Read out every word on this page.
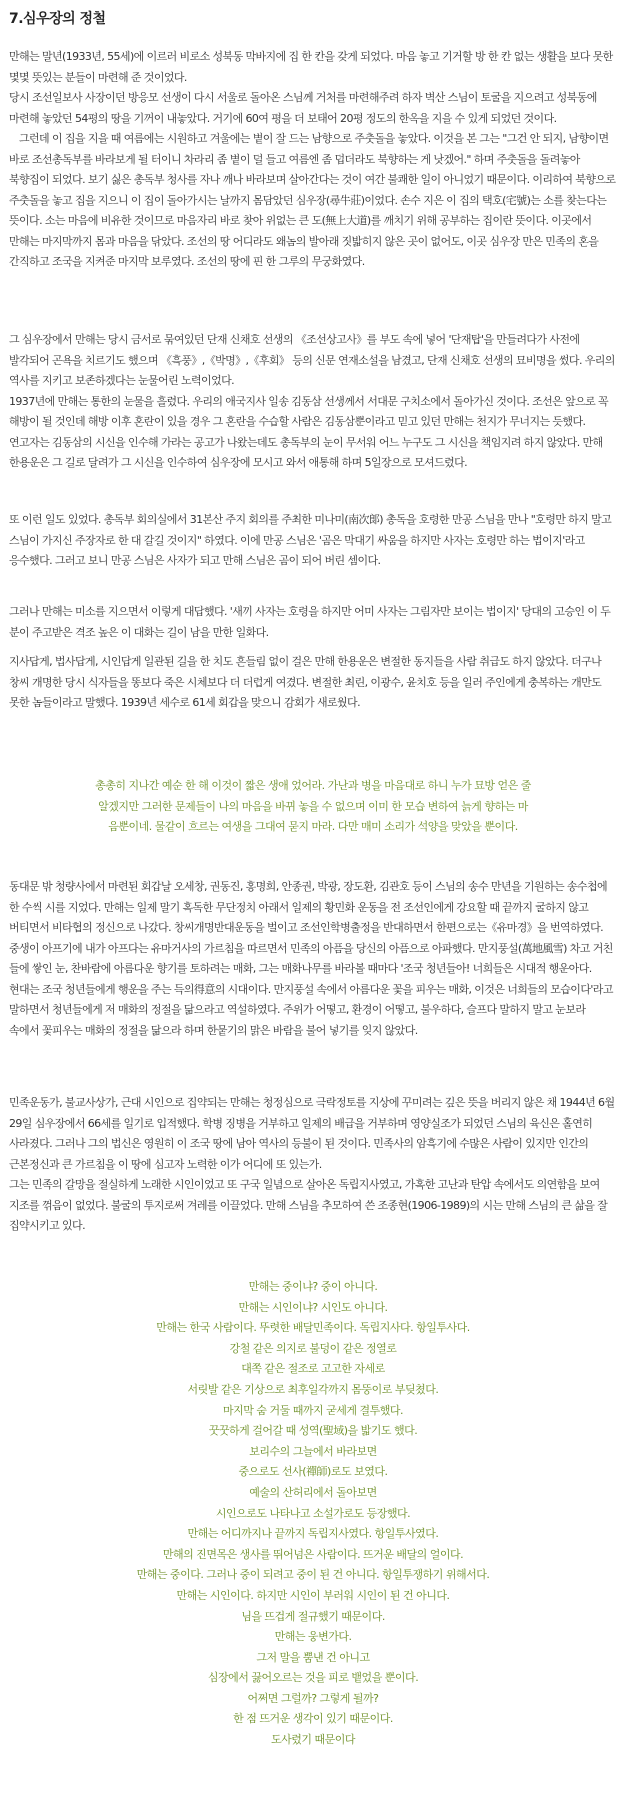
7.심우장의 정철

만해는 말년(1933년, 55세)에 이르러 비로소 성북동 막바지에 집 한 칸을 갖게 되었다. 마음 놓고 기거할 방 한 칸 없는 생활을 보다 못한 몇몇 뜻있는 분들이 마련해 준 것이었다.

당시 조선일보사 사장이던 방응모 선생이 다시 서울로 돌아온 스님께 거처를 마련해주려 하자 벽산 스님이 토굴을 지으려고 성북동에 마련해 놓았던 54평의 땅을 기꺼이 내놓았다. 거기에 60여 평을 더 보태어 20평 정도의 한옥을 지을 수 있게 되었던 것이다.

그런데 이 집을 지을 때 여름에는 시원하고 겨울에는 볕이 잘 드는 남향으로 주춧돌을 놓았다. 이것을 본 그는 "그건 안 되지, 남향이면 바로 조선총독부를 바라보게 될 터이니 차라리 좀 볕이 덜 들고 여름엔 좀 덥더라도 북향하는 게 낫겠어." 하며 주춧돌을 돌려놓아 북향집이 되었다. 보기 싫은 총독부 청사를 자나 깨나 바라보며 살아간다는 것이 여간 불쾌한 일이 아니었기 때문이다. 이리하여 북향으로 주춧돌을 놓고 집을 지으니 이 집이 돌아가시는 날까지 몸담았던 심우장(尋牛莊)이었다. 손수 지은 이 집의 택호(宅號)는 소를 찾는다는 뜻이다. 소는 마음에 비유한 것이므로 마음자리 바로 찾아 위없는 큰 도(無上大道)를 깨치기 위해 공부하는 집이란 뜻이다. 이곳에서 만해는 마지막까지 몸과 마음을 닦았다. 조선의 땅 어디라도 왜놈의 발아래 짓밟히지 않은 곳이 없어도, 이곳 심우장 만은 민족의 혼을 간직하고 조국을 지켜준 마지막 보루였다. 조선의 땅에 핀 한 그루의 무궁화였다.

그 심우장에서 만해는 당시 금서로 묶여있던 단재 신채호 선생의 《조선상고사》를 부도 속에 넣어 '단재탑'을 만들려다가 사전에 발각되어 곤욕을 치르기도 했으며 《흑풍》,《박명》,《후회》 등의 신문 연재소설을 남겼고, 단재 신채호 선생의 묘비명을 썼다. 우리의 역사를 지키고 보존하겠다는 눈물어린 노력이었다.

1937년에 만해는 통한의 눈물을 흘렸다. 우리의 애국지사 일송 김동삼 선생께서 서대문 구치소에서 돌아가신 것이다. 조선은 앞으로 꼭 해방이 될 것인데 해방 이후 혼란이 있을 경우 그 혼란을 수습할 사람은 김동삼뿐이라고 믿고 있던 만해는 천지가 무너지는 듯했다. 연고자는 김동삼의 시신을 인수해 가라는 공고가 나왔는데도 총독부의 눈이 무서워 어느 누구도 그 시신을 책임지려 하지 않았다. 만해 한용운은 그 길로 달려가 그 시신을 인수하여 심우장에 모시고 와서 애통해 하며 5일장으로 모셔드렸다.

또 이런 일도 있었다. 총독부 회의실에서 31본산 주지 회의를 주최한 미나미(南次郞) 총독을 호령한 만공 스님을 만나 "호령만 하지 말고 스님이 가지신 주장자로 한 대 갈길 것이지" 하였다. 이에 만공 스님은 '곰은 막대기 싸움을 하지만 사자는 호령만 하는 법이지'라고 응수했다. 그러고 보니 만공 스님은 사자가 되고 만해 스님은 곰이 되어 버린 셈이다.

그러나 만해는 미소를 지으면서 이렇게 대답했다. '새끼 사자는 호령을 하지만 어미 사자는 그림자만 보이는 법이지' 당대의 고승인 이 두 분이 주고받은 격조 높은 이 대화는 길이 남을 만한 일화다.

지사답게, 법사답게, 시인답게 일관된 길을 한 치도 흔들림 없이 걸은 만해 한용운은 변절한 동지들을 사람 취급도 하지 않았다. 더구나 창씨 개명한 당시 식자들을 똥보다 죽은 시체보다 더 더럽게 여겼다. 변절한 최린, 이광수, 윤치호 등을 일러 주인에게 충복하는 개만도 못한 놈들이라고 말했다. 1939년 세수로 61세 회갑을 맞으니 감회가 새로웠다.

총총히 지나간 예순 한 해 이것이 짧은 생애 었어라. 가난과 병을 마음대로 하니 누가 묘방 얻은 줄

알겠지만 그러한 문제들이 나의 마음을 바뀌 놓을 수 없으며 이미 한 모습 변하여 늙게 향하는 마

음뿐이네. 물같이 흐르는 여생을 그대여 묻지 마라. 다만 매미 소리가 석양을 맞았을 뿐이다.

동대문 밖 청량사에서 마련된 회갑날 오세창, 권동진, 홍명희, 안종권, 박광, 장도환, 김관호 등이 스님의 송수 만년을 기원하는 송수첩에 한 수씩 시를 지었다. 만해는 일제 말기 혹독한 무단정치 아래서 일제의 황민화 운동을 전 조선인에게 강요할 때 끝까지 굴하지 않고 버티면서 비타협의 정신으로 나갔다. 창씨개명반대운동을 벌이고 조선인학병출정을 반대하면서 한편으로는《유마경》을 번역하였다.

중생이 아프기에 내가 아프다는 유마거사의 가르침을 따르면서 민족의 아픔을 당신의 아픔으로 아파했다. 만지풍설(萬地風雪) 차고 거친 들에 쌓인 눈, 찬바람에 아름다운 향기를 토하려는 매화, 그는 매화나무를 바라볼 때마다 '조국 청년들아! 너희들은 시대적 행운아다. 현대는 조국 청년들에게 행운을 주는 득의得意의 시대이다. 만지풍설 속에서 아름다운 꽃을 피우는 매화, 이것은 너희들의 모습이다'라고 말하면서 청년들에게 저 매화의 정절을 닮으라고 역설하였다. 주위가 어떻고, 환경이 어떻고, 불우하다, 슬프다 말하지 말고 눈보라 속에서 꽃피우는 매화의 정절을 닮으라 하며 한뭍기의 맑은 바람을 불어 넣기를 잊지 않았다.

민족운동가, 불교사상가, 근대 시인으로 집약되는 만해는 청정심으로 극락정토를 지상에 꾸미려는 깊은 뜻을 버리지 않은 채 1944년 6월 29일 심우장에서 66세를 일기로 입적했다. 학병 징병을 거부하고 일제의 배급을 거부하며 영양실조가 되었던 스님의 육신은 홀연히 사라졌다. 그러나 그의 법신은 영원히 이 조국 땅에 남아 역사의 등불이 된 것이다. 민족사의 암흑기에 수많은 사람이 있지만 인간의 근본정신과 큰 가르침을 이 땅에 심고자 노력한 이가 어디에 또 있는가.

그는 민족의 갈망을 절실하게 노래한 시인이었고 또 구국 일념으로 살아온 독립지사였고, 가혹한 고난과 탄압 속에서도 의연함을 보여 지조를 꺾음이 없었다. 불굴의 투지로써 겨레를 이끌었다. 만해 스님을 추모하여 쓴 조종현(1906-1989)의 시는 만해 스님의 큰 삶을 잘 집약시키고 있다.

만해는 중이냐? 중이 아니다.

만해는 시인이냐? 시인도 아니다.

만해는 한국 사람이다. 뚜렷한 배달민족이다. 독립지사다. 항일투사다.

강철 같은 의지로 불덩이 같은 정열로

대쪽 같은 절조로 고고한 자세로

서릿발 같은 기상으로 최후일각까지 몸뚱이로 부딪쳤다.

마지막 숨 거둘 때까지 굳세게 결투했다.

꿋꿋하게 걸어갈 때 성역(聖域)을 밟기도 했다.

보리수의 그늘에서 바라보면

중으로도 선사(禪師)로도 보였다.

예술의 산허리에서 돌아보면

시인으로도 나타나고 소설가로도 등장했다.

만해는 어디까지나 끝까지 독립지사였다. 항일투사였다.

만해의 진면목은 생사를 뛰어넘은 사람이다. 뜨거운 배달의 얼이다.

만해는 중이다. 그러나 중이 되려고 중이 된 건 아니다. 항일투쟁하기 위해서다.

만해는 시인이다. 하지만 시인이 부러워 시인이 된 건 아니다.

님을 뜨겁게 절규했기 때문이다.

만해는 웅변가다.

그저 말을 뿜낸 건 아니고

심장에서 끓어오르는 것을 피로 뱉었을 뿐이다.

어쩌면 그럴까? 그렇게 될까?

한 점 뜨거운 생각이 있기 때문이다.

도사렸기 때문이다
